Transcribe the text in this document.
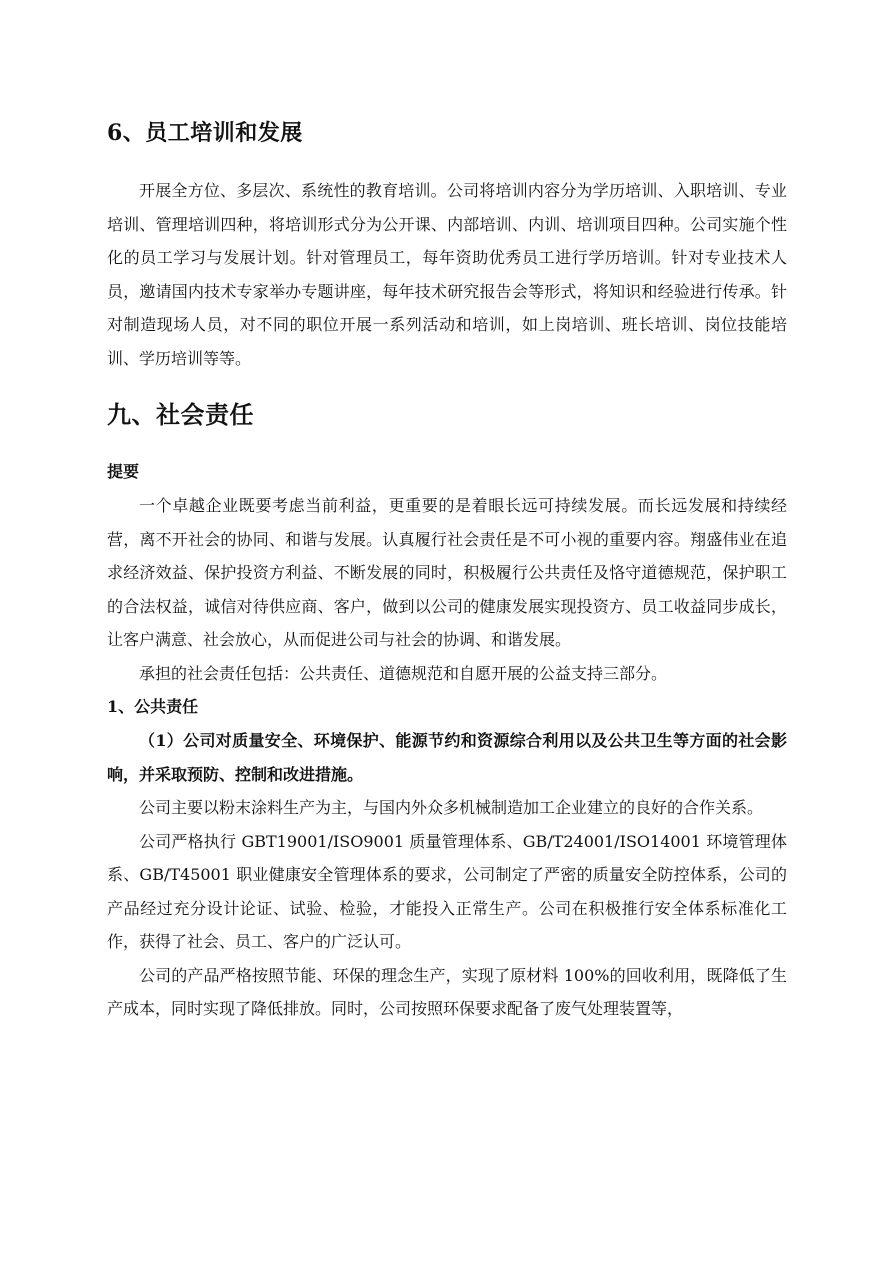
6、员工培训和发展

开展全方位、多层次、系统性的教育培训。公司将培训内容分为学历培训、入职培训、专业培训、管理培训四种，将培训形式分为公开课、内部培训、内训、培训项目四种。公司实施个性化的员工学习与发展计划。针对管理员工，每年资助优秀员工进行学历培训。针对专业技术人员，邀请国内技术专家举办专题讲座，每年技术研究报告会等形式，将知识和经验进行传承。针对制造现场人员，对不同的职位开展一系列活动和培训，如上岗培训、班长培训、岗位技能培训、学历培训等等。

九、社会责任
提要

一个卓越企业既要考虑当前利益，更重要的是着眼长远可持续发展。而长远发展和持续经营，离不开社会的协同、和谐与发展。认真履行社会责任是不可小视的重要内容。翔盛伟业在追求经济效益、保护投资方利益、不断发展的同时，积极履行公共责任及恪守道德规范，保护职工的合法权益，诚信对待供应商、客户，做到以公司的健康发展实现投资方、员工收益同步成长，让客户满意、社会放心，从而促进公司与社会的协调、和谐发展。

承担的社会责任包括：公共责任、道德规范和自愿开展的公益支持三部分。

1、公共责任

（1）公司对质量安全、环境保护、能源节约和资源综合利用以及公共卫生等方面的社会影响，并采取预防、控制和改进措施。

公司主要以粉末涂料生产为主，与国内外众多机械制造加工企业建立的良好的合作关系。

公司严格执行 GBT19001/ISO9001 质量管理体系、GB/T24001/ISO14001 环境管理体系、GB/T45001 职业健康安全管理体系的要求，公司制定了严密的质量安全防控体系，公司的产品经过充分设计论证、试验、检验，才能投入正常生产。公司在积极推行安全体系标准化工作，获得了社会、员工、客户的广泛认可。

公司的产品严格按照节能、环保的理念生产，实现了原材料 100%的回收利用，既降低了生产成本，同时实现了降低排放。同时，公司按照环保要求配备了废气处理装置等，
